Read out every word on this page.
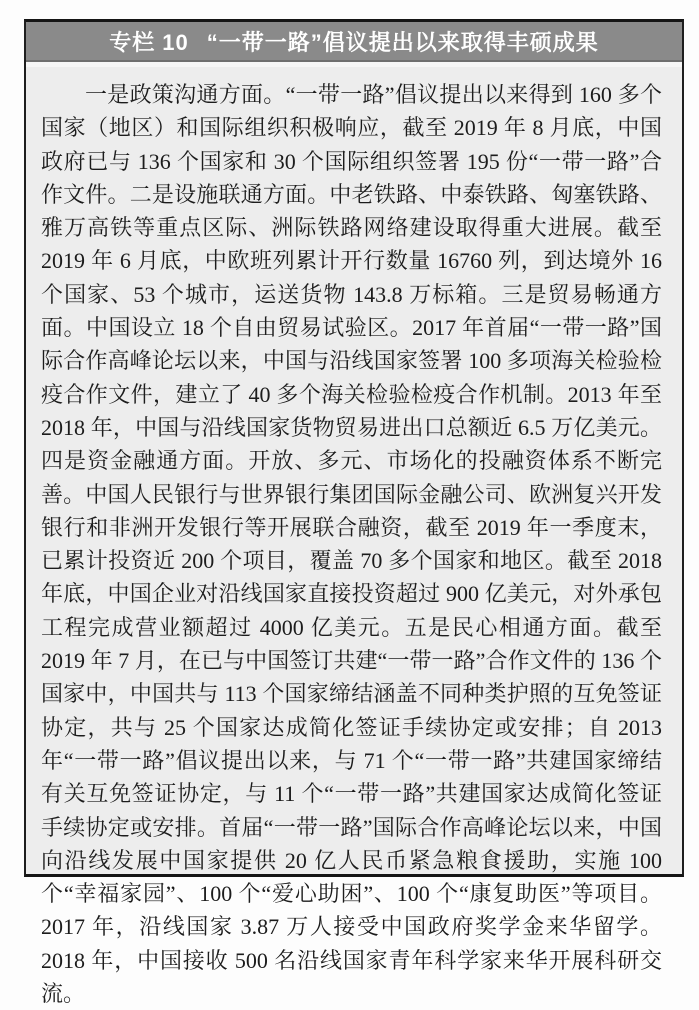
专栏 10 “一带一路”倡议提出以来取得丰硕成果

一是政策沟通方面。“一带一路”倡议提出以来得到 160 多个国家（地区）和国际组织积极响应，截至 2019 年 8 月底，中国政府已与 136 个国家和 30 个国际组织签署 195 份“一带一路”合作文件。二是设施联通方面。中老铁路、中泰铁路、匈塞铁路、雅万高铁等重点区际、洲际铁路网络建设取得重大进展。截至 2019 年 6 月底，中欧班列累计开行数量 16760 列，到达境外 16 个国家、53 个城市，运送货物 143.8 万标箱。三是贸易畅通方面。中国设立 18 个自由贸易试验区。2017 年首届“一带一路”国际合作高峰论坛以来，中国与沿线国家签署 100 多项海关检验检疫合作文件，建立了 40 多个海关检验检疫合作机制。2013 年至 2018 年，中国与沿线国家货物贸易进出口总额近 6.5 万亿美元。四是资金融通方面。开放、多元、市场化的投融资体系不断完善。中国人民银行与世界银行集团国际金融公司、欧洲复兴开发银行和非洲开发银行等开展联合融资，截至 2019 年一季度末，已累计投资近 200 个项目，覆盖 70 多个国家和地区。截至 2018 年底，中国企业对沿线国家直接投资超过 900 亿美元，对外承包工程完成营业额超过 4000 亿美元。五是民心相通方面。截至 2019 年 7 月，在已与中国签订共建“一带一路”合作文件的 136 个国家中，中国共与 113 个国家缔结涵盖不同种类护照的互免签证协定，共与 25 个国家达成简化签证手续协定或安排；自 2013 年“一带一路”倡议提出以来，与 71 个“一带一路”共建国家缔结有关互免签证协定，与 11 个“一带一路”共建国家达成简化签证手续协定或安排。首届“一带一路”国际合作高峰论坛以来，中国向沿线发展中国家提供 20 亿人民币紧急粮食援助，实施 100 个“幸福家园”、100 个“爱心助困”、100 个“康复助医”等项目。2017 年，沿线国家 3.87 万人接受中国政府奖学金来华留学。2018 年，中国接收 500 名沿线国家青年科学家来华开展科研交流。
